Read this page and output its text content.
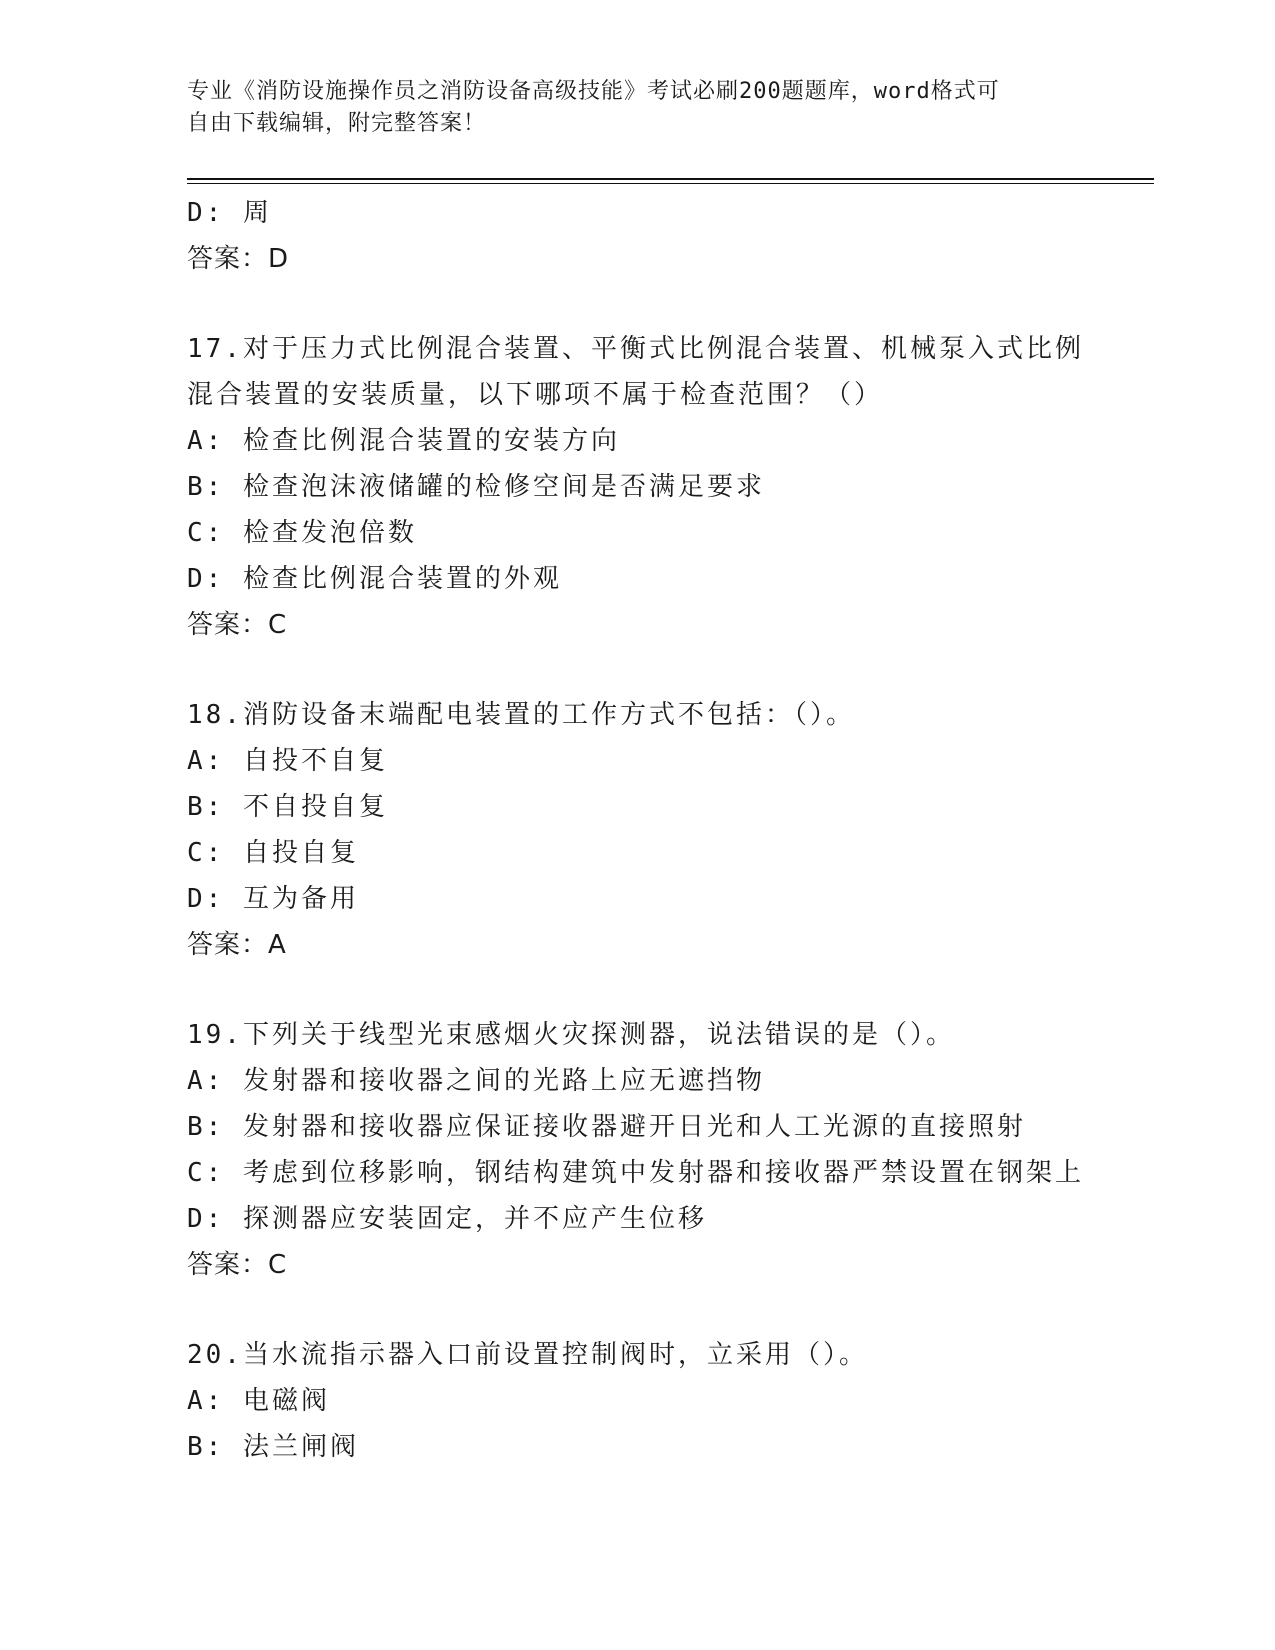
专业《消防设施操作员之消防设备高级技能》考试必刷200题题库，word格式可
自由下载编辑，附完整答案！
D: 周
答案：D
17.对于压力式比例混合装置、平衡式比例混合装置、机械泵入式比例
混合装置的安装质量，以下哪项不属于检查范围？（）
A: 检查比例混合装置的安装方向
B: 检查泡沫液储罐的检修空间是否满足要求
C: 检查发泡倍数
D: 检查比例混合装置的外观
答案：C
18.消防设备末端配电装置的工作方式不包括：（）。
A: 自投不自复
B: 不自投自复
C: 自投自复
D: 互为备用
答案：A
19.下列关于线型光束感烟火灾探测器，说法错误的是（）。
A: 发射器和接收器之间的光路上应无遮挡物
B: 发射器和接收器应保证接收器避开日光和人工光源的直接照射
C: 考虑到位移影响，钢结构建筑中发射器和接收器严禁设置在钢架上
D: 探测器应安装固定，并不应产生位移
答案：C
20.当水流指示器入口前设置控制阀时，立采用（）。
A: 电磁阀
B: 法兰闸阀
